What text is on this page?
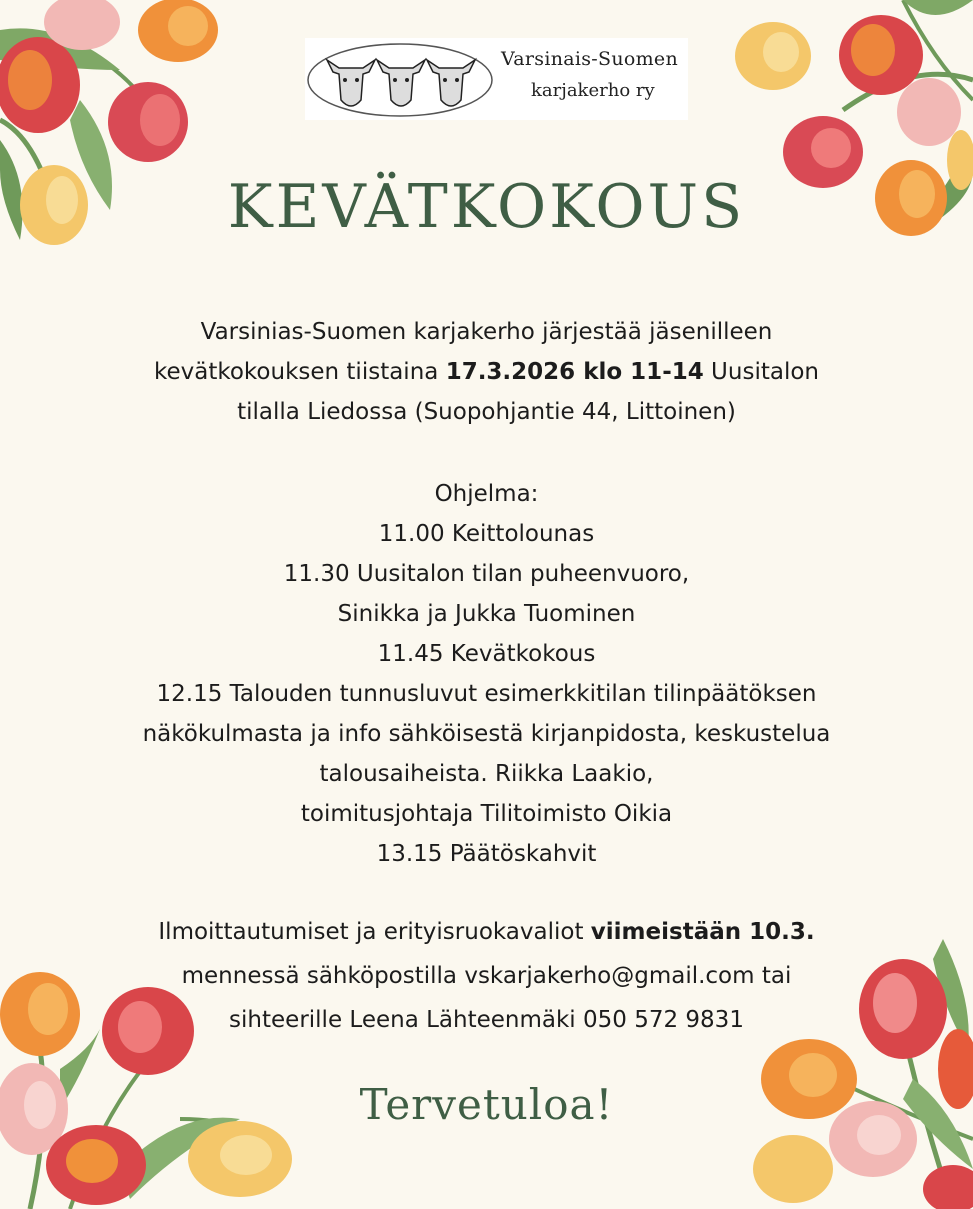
Varsinais-Suomen
karjakerho ry
KEVÄTKOKOUS
Varsinias-Suomen karjakerho järjestää jäsenilleen
kevätkokouksen tiistaina 17.3.2026 klo 11-14 Uusitalon
tilalla Liedossa (Suopohjantie 44, Littoinen)
Ohjelma:
11.00 Keittolounas
11.30 Uusitalon tilan puheenvuoro,
Sinikka ja Jukka Tuominen
11.45 Kevätkokous
12.15 Talouden tunnusluvut esimerkkitilan tilinpäätöksen
näkökulmasta ja info sähköisestä kirjanpidosta, keskustelua
talousaiheista. Riikka Laakio,
toimitusjohtaja Tilitoimisto Oikia
13.15 Päätöskahvit
Ilmoittautumiset ja erityisruokavaliot viimeistään 10.3.
mennessä sähköpostilla vskarjakerho@gmail.com tai
sihteerille Leena Lähteenmäki 050 572 9831
Tervetuloa!
